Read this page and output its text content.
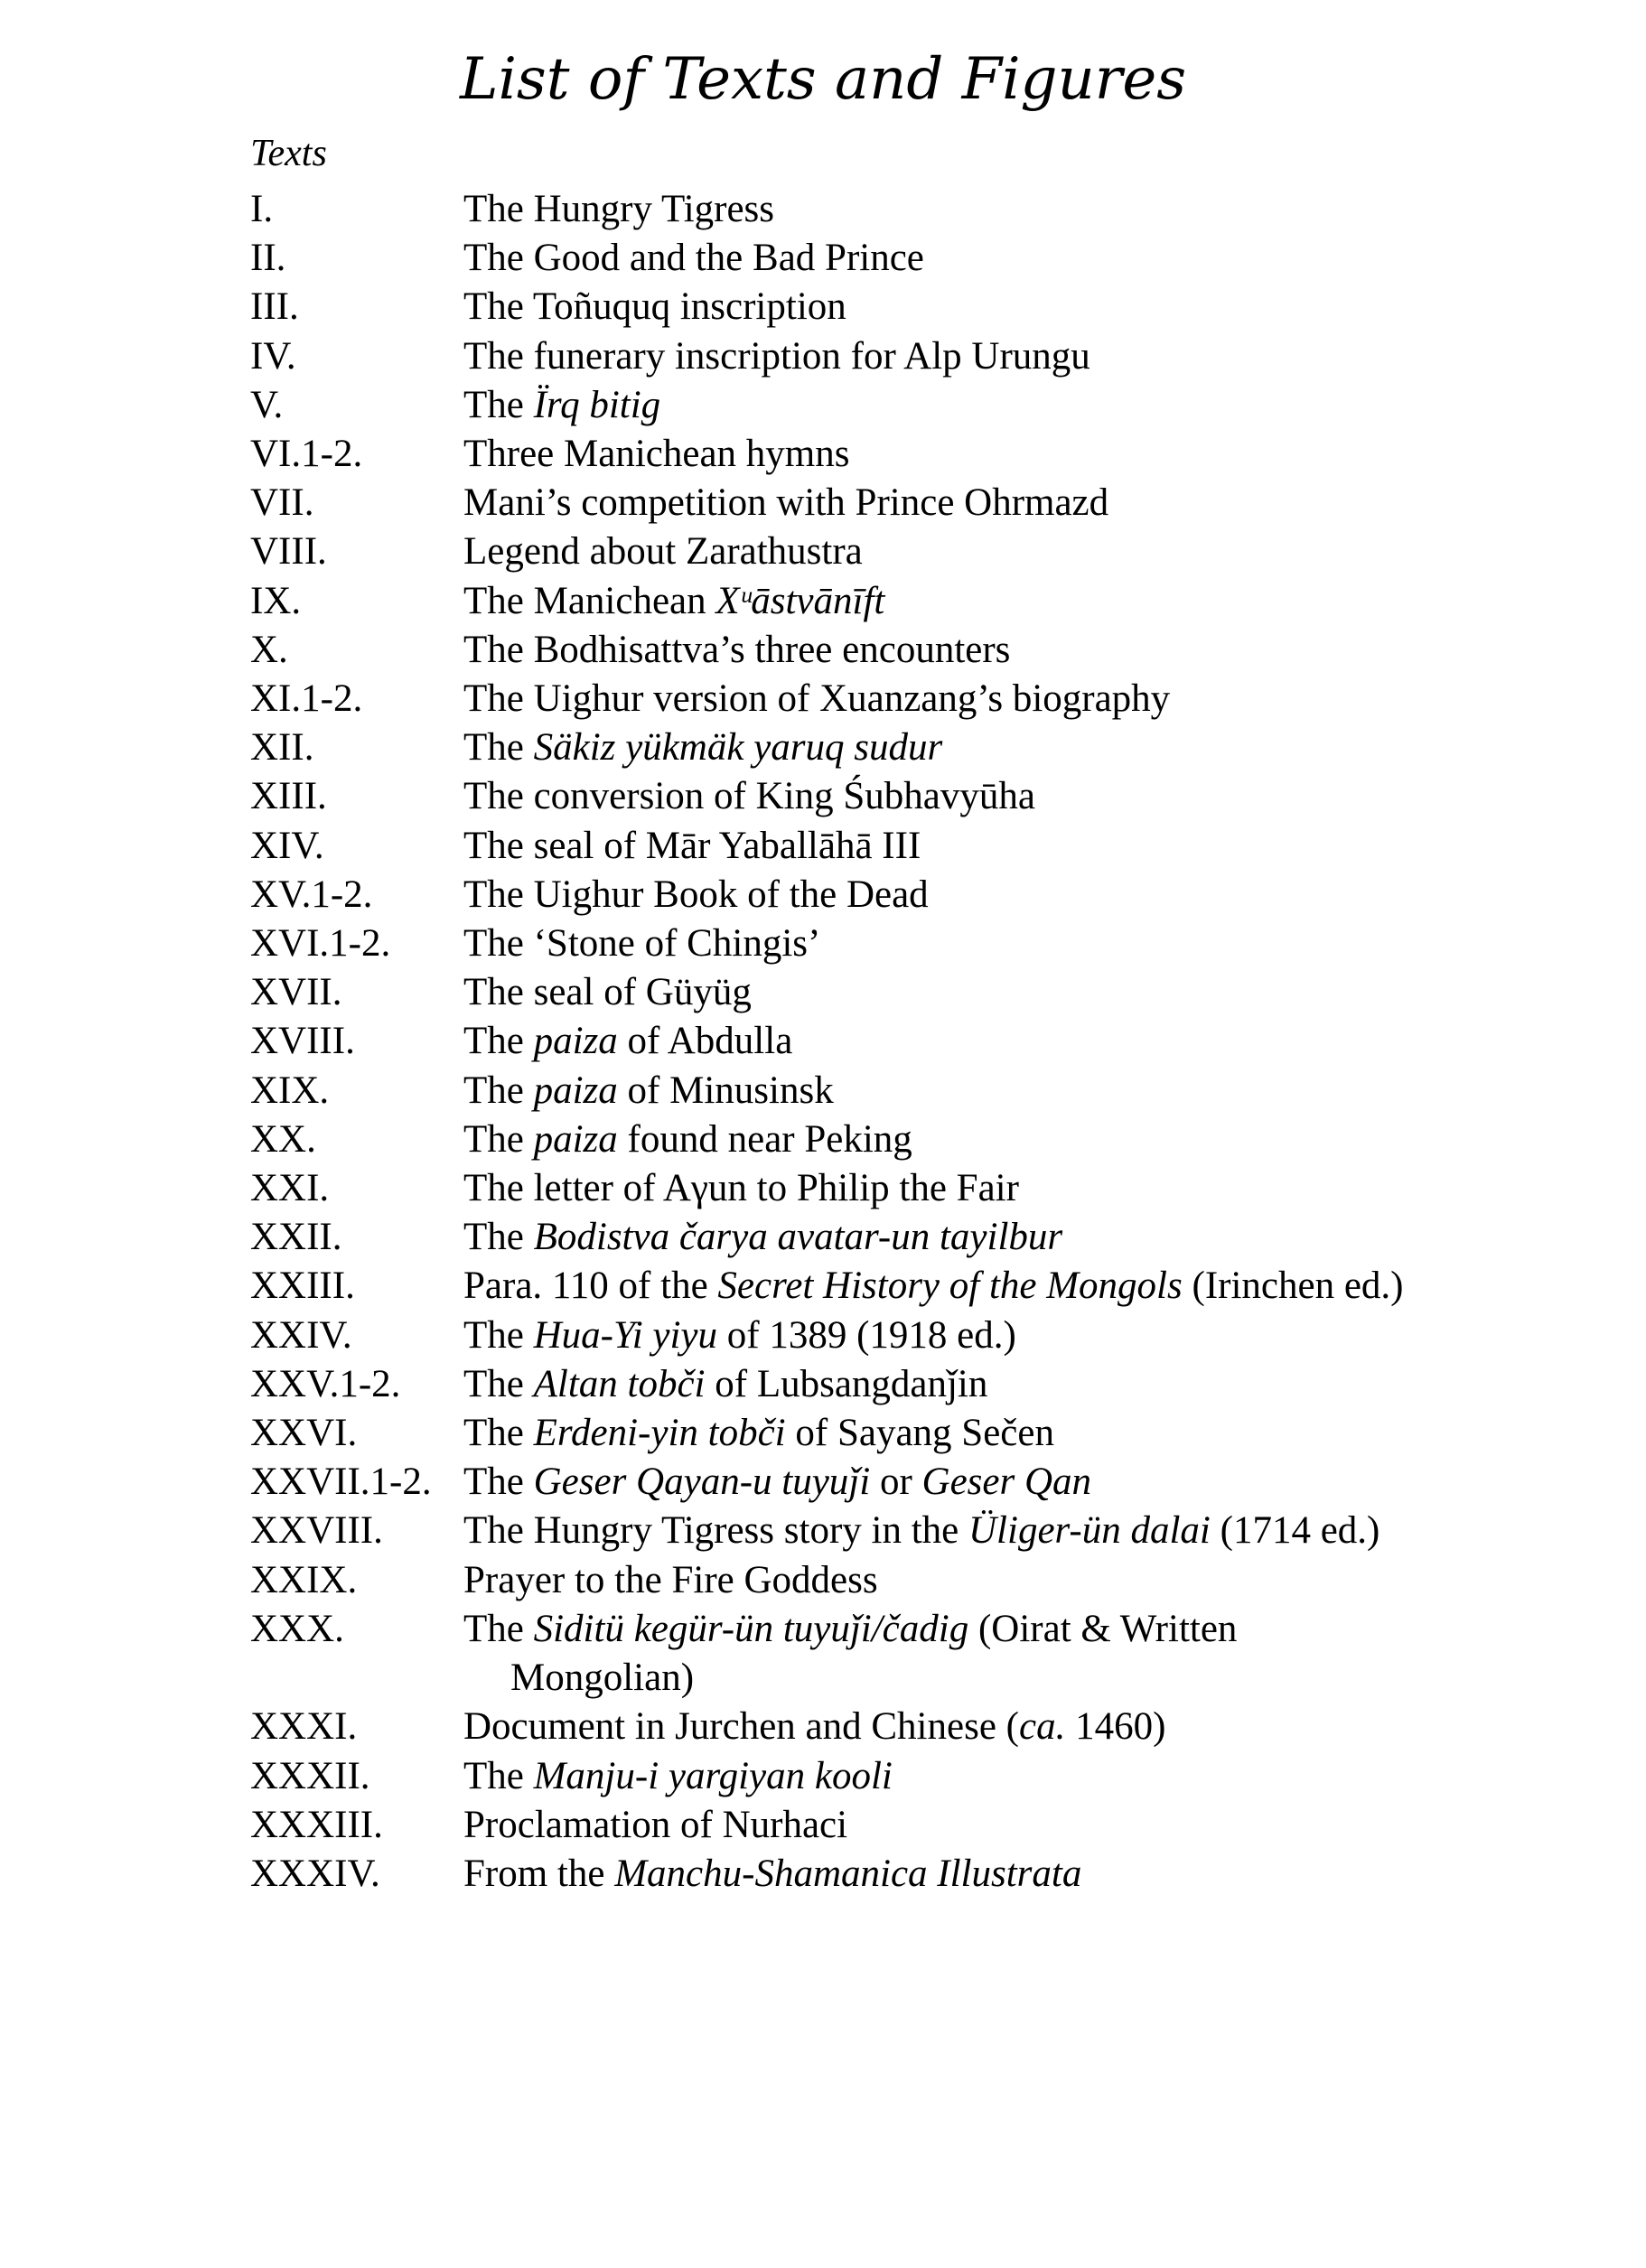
List of Texts and Figures
Texts
I.	The Hungry Tigress
II.	The Good and the Bad Prince
III.	The Toñuquq inscription
IV.	The funerary inscription for Alp Urungu
V.	The Ïrq bitig
VI.1-2.	Three Manichean hymns
VII.	Mani’s competition with Prince Ohrmazd
VIII.	Legend about Zarathustra
IX.	The Manichean Xᵘāstvānīft
X.	The Bodhisattva’s three encounters
XI.1-2.	The Uighur version of Xuanzang’s biography
XII.	The Säkiz yükmäk yaruq sudur
XIII.	The conversion of King Śubhavyūha
XIV.	The seal of Mār Yaballāhā III
XV.1-2.	The Uighur Book of the Dead
XVI.1-2.	The ‘Stone of Chingis’
XVII.	The seal of Güyüg
XVIII.	The paiza of Abdulla
XIX.	The paiza of Minusinsk
XX.	The paiza found near Peking
XXI.	The letter of Aγun to Philip the Fair
XXII.	The Bodistva čarya avatar-un tayilbur
XXIII.	Para. 110 of the Secret History of the Mongols (Irinchen ed.)
XXIV.	The Hua-Yi yiyu of 1389 (1918 ed.)
XXV.1-2.	The Altan tobči of Lubsangdanǰin
XXVI.	The Erdeni-yin tobči of Sayang Sečen
XXVII.1-2. The Geser Qayan-u tuyuǰi or Geser Qan
XXVIII.	The Hungry Tigress story in the Üliger-ün dalai (1714 ed.)
XXIX.	Prayer to the Fire Goddess
XXX.	The Siditü kegür-ün tuyuǰi/čadig (Oirat & Written Mongolian)
XXXI.	Document in Jurchen and Chinese (ca. 1460)
XXXII.	The Manju-i yargiyan kooli
XXXIII.	Proclamation of Nurhaci
XXXIV.	From the Manchu-Shamanica Illustrata
